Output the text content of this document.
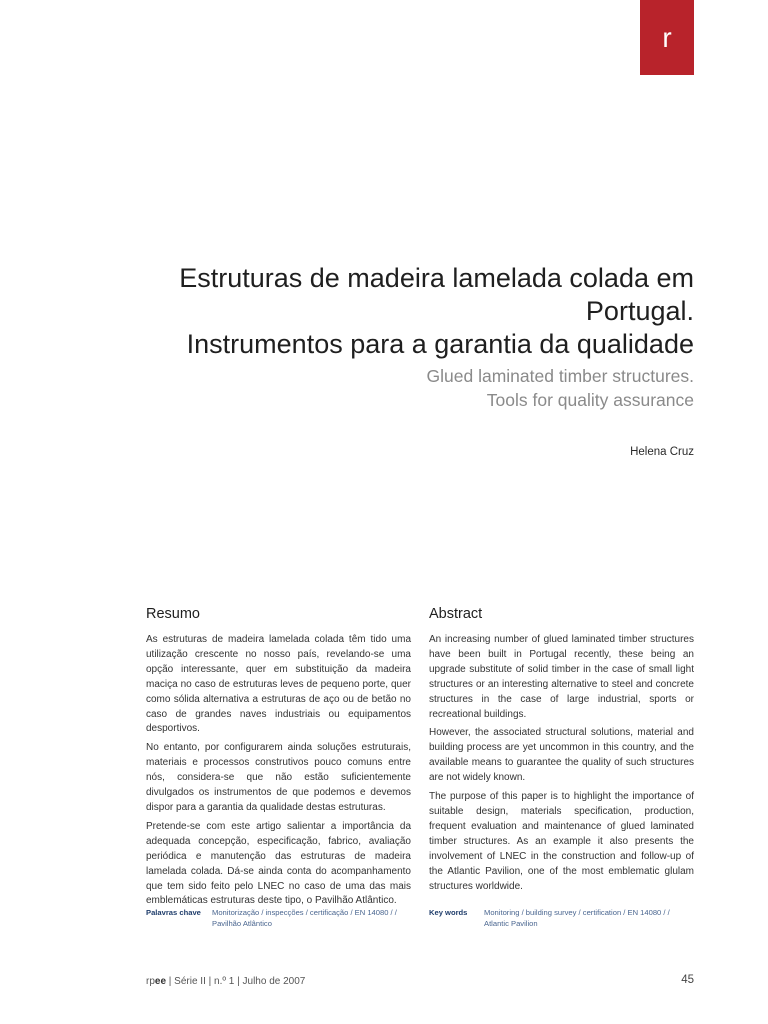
r
Estruturas de madeira lamelada colada em Portugal.
Instrumentos para a garantia da qualidade
Glued laminated timber structures.
Tools for quality assurance
Helena Cruz
Resumo

As estruturas de madeira lamelada colada têm tido uma utilização crescente no nosso país, revelando-se uma opção interessante, quer em substituição da madeira maciça no caso de estruturas leves de pequeno porte, quer como sólida alternativa a estruturas de aço ou de betão no caso de grandes naves industriais ou equipamentos desportivos.

No entanto, por configurarem ainda soluções estruturais, materiais e processos construtivos pouco comuns entre nós, considera-se que não estão suficientemente divulgados os instrumentos de que podemos e devemos dispor para a garantia da qualidade destas estruturas.

Pretende-se com este artigo salientar a importância da adequada concepção, especificação, fabrico, avaliação periódica e manutenção das estruturas de madeira lamelada colada. Dá-se ainda conta do acompanhamento que tem sido feito pelo LNEC no caso de uma das mais emblemáticas estruturas deste tipo, o Pavilhão Atlântico.

Abstract

An increasing number of glued laminated timber structures have been built in Portugal recently, these being an upgrade substitute of solid timber in the case of small light structures or an interesting alternative to steel and concrete structures in the case of large industrial, sports or recreational buildings.

However, the associated structural solutions, material and building process are yet uncommon in this country, and the available means to guarantee the quality of such structures are not widely known.

The purpose of this paper is to highlight the importance of suitable design, materials specification, production, frequent evaluation and maintenance of glued laminated timber structures. As an example it also presents the involvement of LNEC in the construction and follow-up of the Atlantic Pavilion, one of the most emblematic glulam structures worldwide.

Palavras chave	Monitorização / inspecções / certificação / EN 14080 / / Pavilhão Atlântico
Key words	Monitoring / building survey / certification / EN 14080 / / Atlantic Pavilion
rpee | Série II | n.º 1 | Julho de 2007	45
